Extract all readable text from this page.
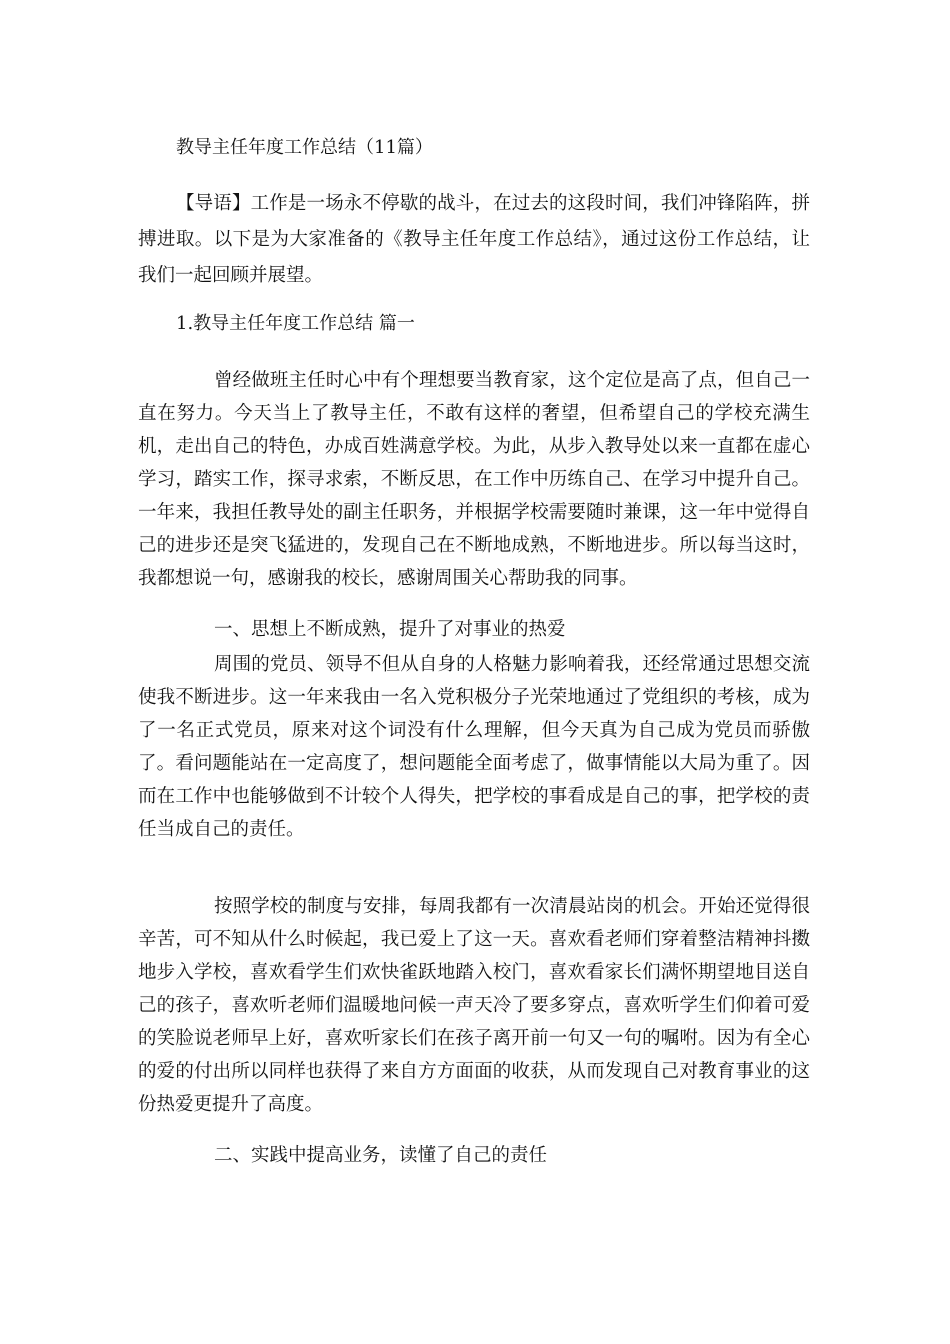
教导主任年度工作总结（11篇）

【导语】工作是一场永不停歇的战斗，在过去的这段时间，我们冲锋陷阵，拼搏进取。以下是为大家准备的《教导主任年度工作总结》，通过这份工作总结，让我们一起回顾并展望。

1.教导主任年度工作总结 篇一

曾经做班主任时心中有个理想要当教育家，这个定位是高了点，但自己一直在努力。今天当上了教导主任，不敢有这样的奢望，但希望自己的学校充满生机，走出自己的特色，办成百姓满意学校。为此，从步入教导处以来一直都在虚心学习，踏实工作，探寻求索，不断反思，在工作中历练自己、在学习中提升自己。一年来，我担任教导处的副主任职务，并根据学校需要随时兼课，这一年中觉得自己的进步还是突飞猛进的，发现自己在不断地成熟，不断地进步。所以每当这时，我都想说一句，感谢我的校长，感谢周围关心帮助我的同事。

一、思想上不断成熟，提升了对事业的热爱

周围的党员、领导不但从自身的人格魅力影响着我，还经常通过思想交流使我不断进步。这一年来我由一名入党积极分子光荣地通过了党组织的考核，成为了一名正式党员，原来对这个词没有什么理解，但今天真为自己成为党员而骄傲了。看问题能站在一定高度了，想问题能全面考虑了，做事情能以大局为重了。因而在工作中也能够做到不计较个人得失，把学校的事看成是自己的事，把学校的责任当成自己的责任。

按照学校的制度与安排，每周我都有一次清晨站岗的机会。开始还觉得很辛苦，可不知从什么时候起，我已爱上了这一天。喜欢看老师们穿着整洁精神抖擞地步入学校，喜欢看学生们欢快雀跃地踏入校门，喜欢看家长们满怀期望地目送自己的孩子，喜欢听老师们温暖地问候一声天冷了要多穿点，喜欢听学生们仰着可爱的笑脸说老师早上好，喜欢听家长们在孩子离开前一句又一句的嘱咐。因为有全心的爱的付出所以同样也获得了来自方方面面的收获，从而发现自己对教育事业的这份热爱更提升了高度。

二、实践中提高业务，读懂了自己的责任
